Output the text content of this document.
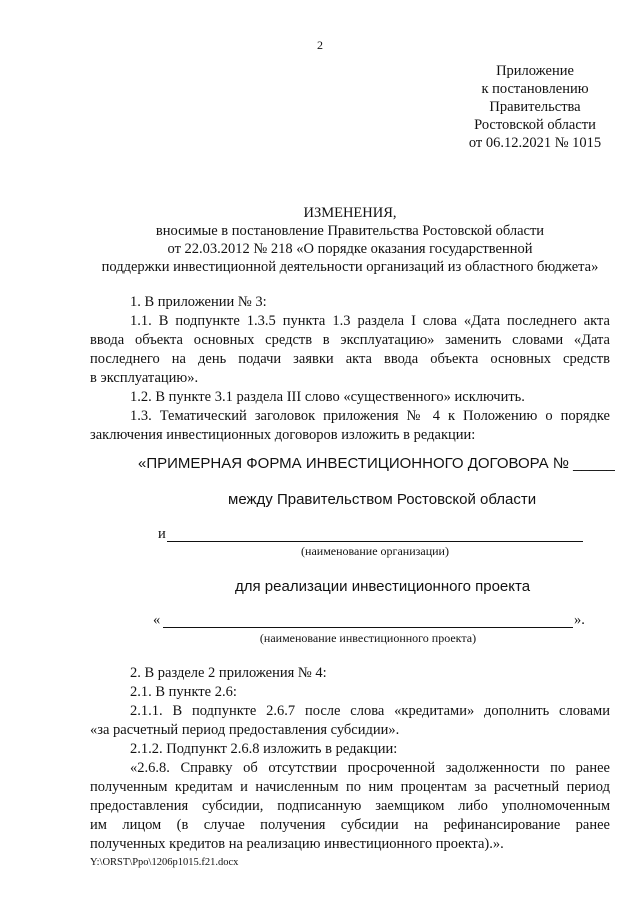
2
Приложение
к постановлению
Правительства
Ростовской области
от 06.12.2021 № 1015
ИЗМЕНЕНИЯ,
вносимые в постановление Правительства Ростовской области
от 22.03.2012 № 218 «О порядке оказания государственной
поддержки инвестиционной деятельности организаций из областного бюджета»
1. В приложении № 3:
1.1. В подпункте 1.3.5 пункта 1.3 раздела I слова «Дата последнего акта
ввода объекта основных средств в эксплуатацию» заменить словами «Дата
последнего на день подачи заявки акта ввода объекта основных средств
в эксплуатацию».
1.2. В пункте 3.1 раздела III слово «существенного» исключить.
1.3. Тематический заголовок приложения № 4 к Положению о порядке
заключения инвестиционных договоров изложить в редакции:
«ПРИМЕРНАЯ ФОРМА ИНВЕСТИЦИОННОГО ДОГОВОРА № _____
между Правительством Ростовской области
и
(наименование организации)
для реализации инвестиционного проекта
«	».
(наименование инвестиционного проекта)
2. В разделе 2 приложения № 4:
2.1. В пункте 2.6:
2.1.1. В подпункте 2.6.7 после слова «кредитами» дополнить словами
«за расчетный период предоставления субсидии».
2.1.2. Подпункт 2.6.8 изложить в редакции:
«2.6.8. Справку об отсутствии просроченной задолженности по ранее
полученным кредитам и начисленным по ним процентам за расчетный период
предоставления субсидии, подписанную заемщиком либо уполномоченным
им лицом (в случае получения субсидии на рефинансирование ранее
полученных кредитов на реализацию инвестиционного проекта).».
Y:\ORST\Ppo\1206p1015.f21.docx
